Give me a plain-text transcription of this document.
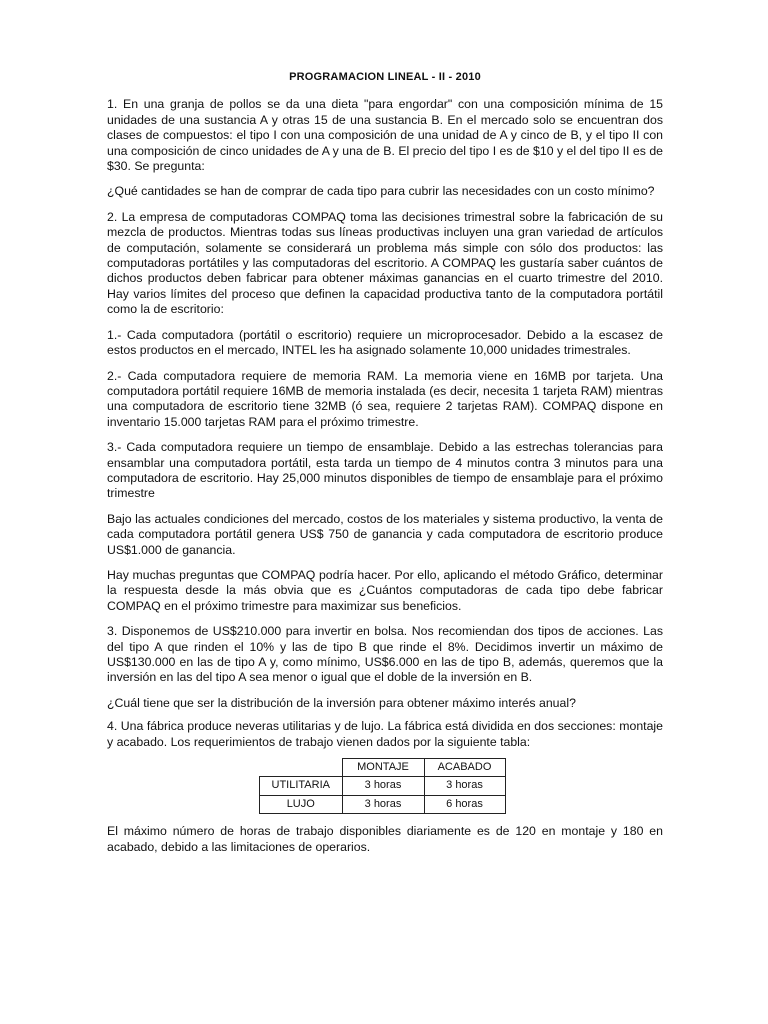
PROGRAMACION LINEAL - II - 2010

1. En una granja de pollos se da una dieta "para engordar" con una composición mínima de 15 unidades de una sustancia A y otras 15 de una sustancia B. En el mercado solo se encuentran dos clases de compuestos: el tipo I con una composición de una unidad de A y cinco de B, y el tipo II con una composición de cinco unidades de A y una de B. El precio del tipo I es de $10 y el del tipo II es de $30. Se pregunta:

¿Qué cantidades se han de comprar de cada tipo para cubrir las necesidades con un costo mínimo?

2. La empresa de computadoras COMPAQ toma las decisiones trimestral sobre la fabricación de su mezcla de productos. Mientras todas sus líneas productivas incluyen una gran variedad de artículos de computación, solamente se considerará un problema más simple con sólo dos productos: las computadoras portátiles y las computadoras del escritorio. A COMPAQ les gustaría saber cuántos de dichos productos deben fabricar para obtener máximas ganancias en el cuarto trimestre del 2010. Hay varios límites del proceso que definen la capacidad productiva tanto de la computadora portátil como la de escritorio:

1.- Cada computadora (portátil o escritorio) requiere un microprocesador. Debido a la escasez de estos productos en el mercado, INTEL les ha asignado solamente 10,000 unidades trimestrales.

2.- Cada computadora requiere de memoria RAM. La memoria viene en 16MB por tarjeta. Una computadora portátil requiere 16MB de memoria instalada (es decir, necesita 1 tarjeta RAM) mientras una computadora de escritorio tiene 32MB (ó sea, requiere 2 tarjetas RAM). COMPAQ dispone en inventario 15.000 tarjetas RAM para el próximo trimestre.

3.- Cada computadora requiere un tiempo de ensamblaje. Debido a las estrechas tolerancias para ensamblar una computadora portátil, esta tarda un tiempo de 4 minutos contra 3 minutos para una computadora de escritorio. Hay 25,000 minutos disponibles de tiempo de ensamblaje para el próximo trimestre

Bajo las actuales condiciones del mercado, costos de los materiales y sistema productivo, la venta de cada computadora portátil genera US$ 750 de ganancia y cada computadora de escritorio produce US$1.000 de ganancia.

Hay muchas preguntas que COMPAQ podría hacer. Por ello, aplicando el método Gráfico, determinar la respuesta desde la más obvia que es ¿Cuántos computadoras de cada tipo debe fabricar COMPAQ en el próximo trimestre para maximizar sus beneficios.

3. Disponemos de US$210.000 para invertir en bolsa. Nos recomiendan dos tipos de acciones. Las del tipo A que rinden el 10% y las de tipo B que rinde el 8%. Decidimos invertir un máximo de US$130.000 en las de tipo A y, como mínimo, US$6.000 en las de tipo B, además, queremos que la inversión en las del tipo A sea menor o igual que el doble de la inversión en B.

¿Cuál tiene que ser la distribución de la inversión para obtener máximo interés anual?

4. Una fábrica produce neveras utilitarias y de lujo. La fábrica está dividida en dos secciones: montaje y acabado. Los requerimientos de trabajo vienen dados por la siguiente tabla:

	MONTAJE	ACABADO
UTILITARIA	3 horas	3 horas
LUJO	3 horas	6 horas

El máximo número de horas de trabajo disponibles diariamente es de 120 en montaje y 180 en acabado, debido a las limitaciones de operarios.
